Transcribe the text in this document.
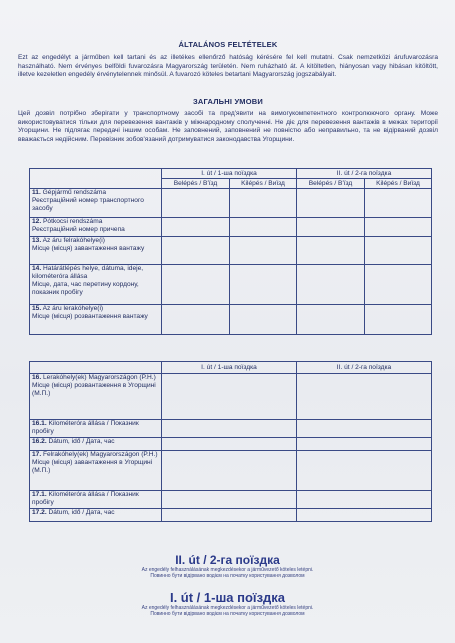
ÁLTALÁNOS FELTÉTELEK
Ezt az engedélyt a járműben kell tartani és az illetékes ellenőrző hatóság kérésére fel kell mutatni. Csak nemzetközi árufuvarozásra használható. Nem érvényes belföldi fuvarozásra Magyarország területén. Nem ruházható át. A kitöltetlen, hiányosan vagy hibásan kitöltött, illetve kezeletlen engedély érvénytelennek minősül. A fuvarozó köteles betartani Magyarország jogszabályait.
ЗАГАЛЬНІ УМОВИ
Цей дозвіл потрібно зберігати у транспортному засобі та пред'явити на вимогукомпетентного контролюючого органу. Може використовуватися тільки для перевезення вантажів у міжнародному сполученні. Не діє для перевезення вантажів в межах території Угорщини. Не підлягає передачі іншим особам. Не заповнений, заповнений не повністю або неправильно, та не відірваний дозвіл вважається недійсним. Перевізник зобов'язаний дотримуватися законодавства Угорщини.
	I. út / 1-ша поїздка		II. út / 2-га поїздка	
	Belépés / В'їзд	Kilépés / Виїзд	Belépés / В'їзд	Kilépés / Виїзд
11. Gépjármű rendszáma
Реєстраційний номер транспортного засобу				
12. Pótkocsi rendszáma
Реєстраційний номер причепа				
13. Az áru felrakóhelye(i)
Місце (місця) завантаження вантажу				
14. Határátlépés helye, dátuma, ideje, kilométeróra állása
Місце, дата, час перетину кордону, показник пробігу				
15. Az áru lerakóhelye(i)
Місце (місця) розвантаження вантажу				
	I. út / 1-ша поїздка	II. út / 2-га поїздка
16. Lerakóhely(ek) Magyarországon (P.H.)
Місце (місця) розвантаження в Угорщині (М.П.)		
16.1. Kilométeróra állása / Показник пробігу		
16.2. Dátum, idő / Дата, час		
17. Felrakóhely(ek) Magyarországon (P.H.)
Місце (місця) завантаження в Угорщині (М.П.)		
17.1. Kilométeróra állása / Показник пробігу		
17.2. Dátum, idő / Дата, час		
II. út / 2-га поїздка
Az engedély felhasználásának megkezdésekor a járművezető köteles letépni.
Повинно бути відірвано водієм на початку користування дозволом
I. út / 1-ша поїздка
Az engedély felhasználásának megkezdésekor a járművezető köteles letépni.
Повинно бути відірвано водієм на початку користування дозволом
